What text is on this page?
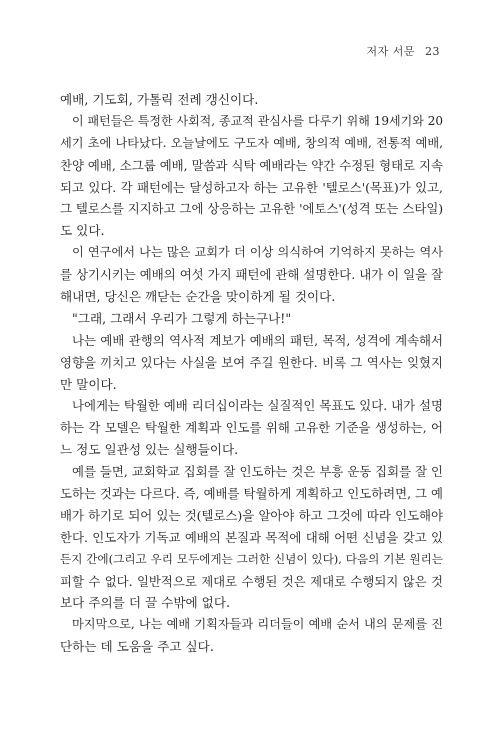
저자 서문 23
예배, 기도회, 가톨릭 전례 갱신이다.
이 패턴들은 특정한 사회적, 종교적 관심사를 다루기 위해 19세기와 20
세기 초에 나타났다. 오늘날에도 구도자 예배, 창의적 예배, 전통적 예배,
찬양 예배, 소그룹 예배, 말씀과 식탁 예배라는 약간 수정된 형태로 지속
되고 있다. 각 패턴에는 달성하고자 하는 고유한 '텔로스'(목표)가 있고,
그 텔로스를 지지하고 그에 상응하는 고유한 '에토스'(성격 또는 스타일)
도 있다.
이 연구에서 나는 많은 교회가 더 이상 의식하여 기억하지 못하는 역사
를 상기시키는 예배의 여섯 가지 패턴에 관해 설명한다. 내가 이 일을 잘
해내면, 당신은 깨닫는 순간을 맞이하게 될 것이다.
"그래, 그래서 우리가 그렇게 하는구나!"
나는 예배 관행의 역사적 계보가 예배의 패턴, 목적, 성격에 계속해서
영향을 끼치고 있다는 사실을 보여 주길 원한다. 비록 그 역사는 잊혔지
만 말이다.
나에게는 탁월한 예배 리더십이라는 실질적인 목표도 있다. 내가 설명
하는 각 모델은 탁월한 계획과 인도를 위해 고유한 기준을 생성하는, 어
느 정도 일관성 있는 실행들이다.
예를 들면, 교회학교 집회를 잘 인도하는 것은 부흥 운동 집회를 잘 인
도하는 것과는 다르다. 즉, 예배를 탁월하게 계획하고 인도하려면, 그 예
배가 하기로 되어 있는 것(텔로스)을 알아야 하고 그것에 따라 인도해야
한다. 인도자가 기독교 예배의 본질과 목적에 대해 어떤 신념을 갖고 있
든지 간에(그리고 우리 모두에게는 그러한 신념이 있다), 다음의 기본 원리는
피할 수 없다. 일반적으로 제대로 수행된 것은 제대로 수행되지 않은 것
보다 주의를 더 끌 수밖에 없다.
마지막으로, 나는 예배 기획자들과 리더들이 예배 순서 내의 문제를 진
단하는 데 도움을 주고 싶다.
